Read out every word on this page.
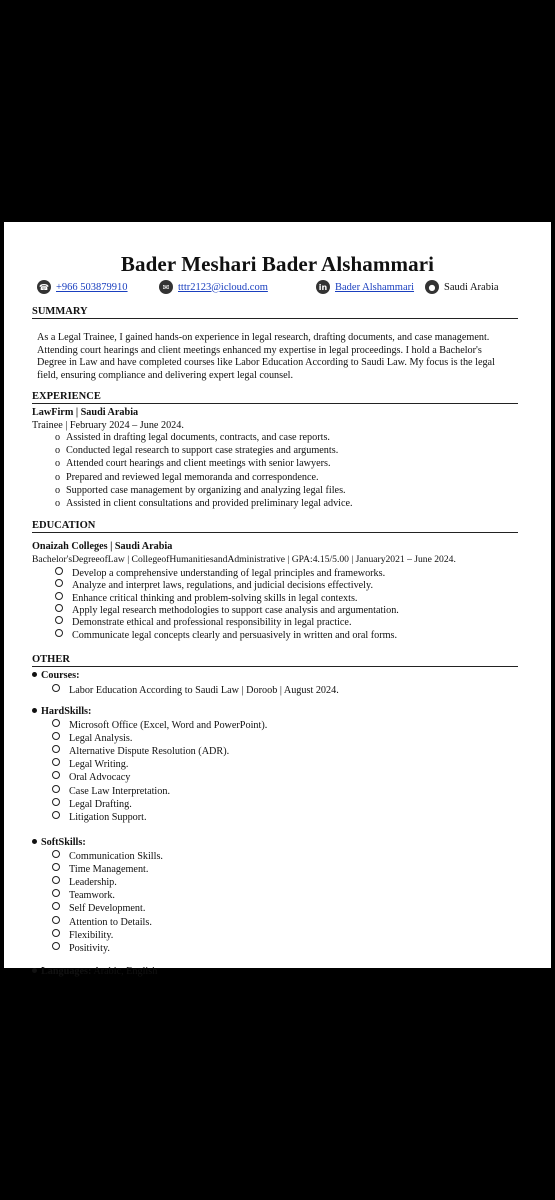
Bader Meshari Bader Alshammari
☎ +966 503879910	✉ tttr2123@icloud.com	in Bader Alshammari	● Saudi Arabia
SUMMARY
As a Legal Trainee, I gained hands-on experience in legal research, drafting documents, and case management.
Attending court hearings and client meetings enhanced my expertise in legal proceedings. I hold a Bachelor's
Degree in Law and have completed courses like Labor Education According to Saudi Law. My focus is the legal
field, ensuring compliance and delivering expert legal counsel.
EXPERIENCE
LawFirm | Saudi Arabia
Trainee | February 2024 – June 2024.
o Assisted in drafting legal documents, contracts, and case reports.
o Conducted legal research to support case strategies and arguments.
o Attended court hearings and client meetings with senior lawyers.
o Prepared and reviewed legal memoranda and correspondence.
o Supported case management by organizing and analyzing legal files.
o Assisted in client consultations and provided preliminary legal advice.
EDUCATION
Onaizah Colleges | Saudi Arabia
Bachelor'sDegreeofLaw | CollegeofHumanitiesandAdministrative | GPA:4.15/5.00 | January2021 – June 2024.
Develop a comprehensive understanding of legal principles and frameworks.
Analyze and interpret laws, regulations, and judicial decisions effectively.
Enhance critical thinking and problem-solving skills in legal contexts.
Apply legal research methodologies to support case analysis and argumentation.
Demonstrate ethical and professional responsibility in legal practice.
Communicate legal concepts clearly and persuasively in written and oral forms.
OTHER
Courses:
Labor Education According to Saudi Law | Doroob | August 2024.
HardSkills:
Microsoft Office (Excel, Word and PowerPoint).
Legal Analysis.
Alternative Dispute Resolution (ADR).
Legal Writing.
Oral Advocacy
Case Law Interpretation.
Legal Drafting.
Litigation Support.
SoftSkills:
Communication Skills.
Time Management.
Leadership.
Teamwork.
Self Development.
Attention to Details.
Flexibility.
Positivity.
Languages: Arabic, English
